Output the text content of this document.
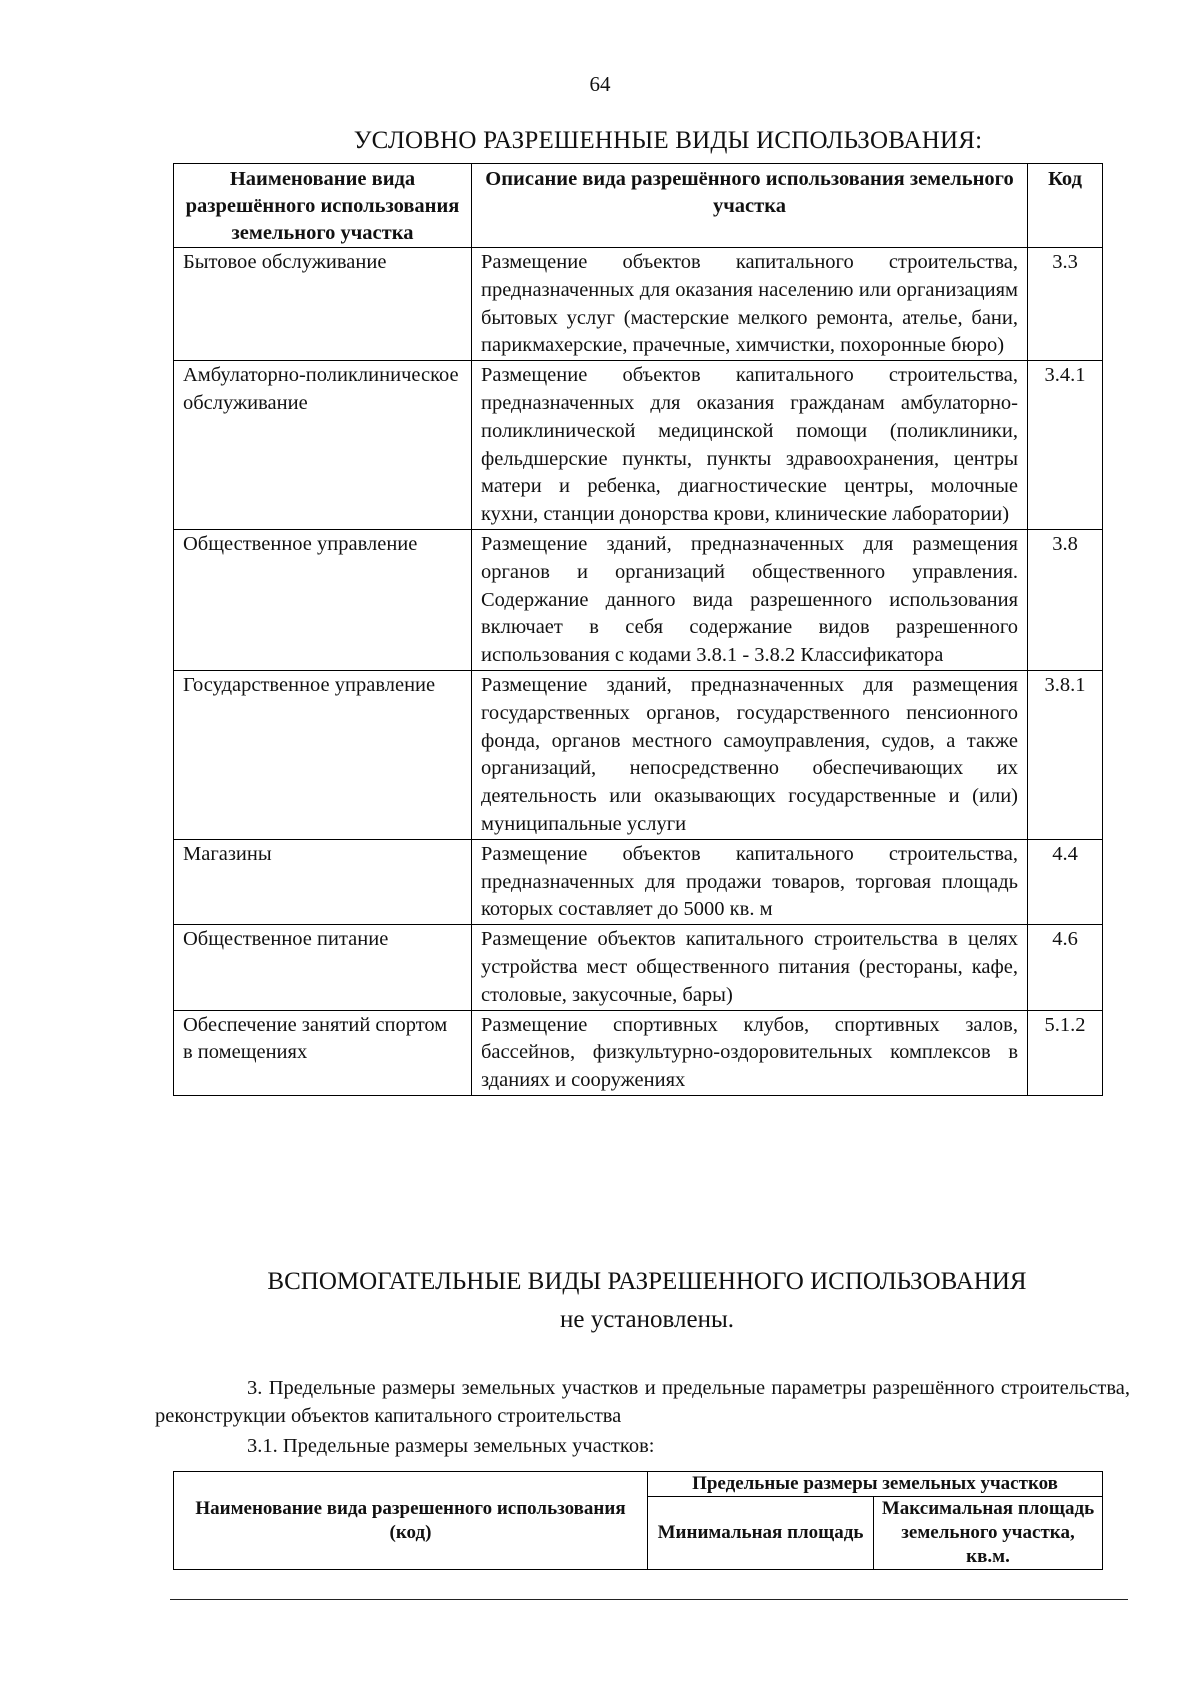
64
УСЛОВНО РАЗРЕШЕННЫЕ ВИДЫ ИСПОЛЬЗОВАНИЯ:
Наименование вида разрешённого использования земельного участка	Описание вида разрешённого использования земельного участка	Код
Бытовое обслуживание	Размещение объектов капитального строительства, предназначенных для оказания населению или организациям бытовых услуг (мастерские мелкого ремонта, ателье, бани, парикмахерские, прачечные, химчистки, похоронные бюро)	3.3
Амбулаторно-поликлиническое обслуживание	Размещение объектов капитального строительства, предназначенных для оказания гражданам амбулаторно-поликлинической медицинской помощи (поликлиники, фельдшерские пункты, пункты здравоохранения, центры матери и ребенка, диагностические центры, молочные кухни, станции донорства крови, клинические лаборатории)	3.4.1
Общественное управление	Размещение зданий, предназначенных для размещения органов и организаций общественного управления. Содержание данного вида разрешенного использования включает в себя содержание видов разрешенного использования с кодами 3.8.1 - 3.8.2 Классификатора	3.8
Государственное управление	Размещение зданий, предназначенных для размещения государственных органов, государственного пенсионного фонда, органов местного самоуправления, судов, а также организаций, непосредственно обеспечивающих их деятельность или оказывающих государственные и (или) муниципальные услуги	3.8.1
Магазины	Размещение объектов капитального строительства, предназначенных для продажи товаров, торговая площадь которых составляет до 5000 кв. м	4.4
Общественное питание	Размещение объектов капитального строительства в целях устройства мест общественного питания (рестораны, кафе, столовые, закусочные, бары)	4.6
Обеспечение занятий спортом в помещениях	Размещение спортивных клубов, спортивных залов, бассейнов, физкультурно-оздоровительных комплексов в зданиях и сооружениях	5.1.2
ВСПОМОГАТЕЛЬНЫЕ ВИДЫ РАЗРЕШЕННОГО ИСПОЛЬЗОВАНИЯ
не установлены.
3. Предельные размеры земельных участков и предельные параметры разрешённого строительства, реконструкции объектов капитального строительства
3.1. Предельные размеры земельных участков:
Наименование вида разрешенного использования (код)	Предельные размеры земельных участков	
	Минимальная площадь	Максимальная площадь земельного участка, кв.м.
